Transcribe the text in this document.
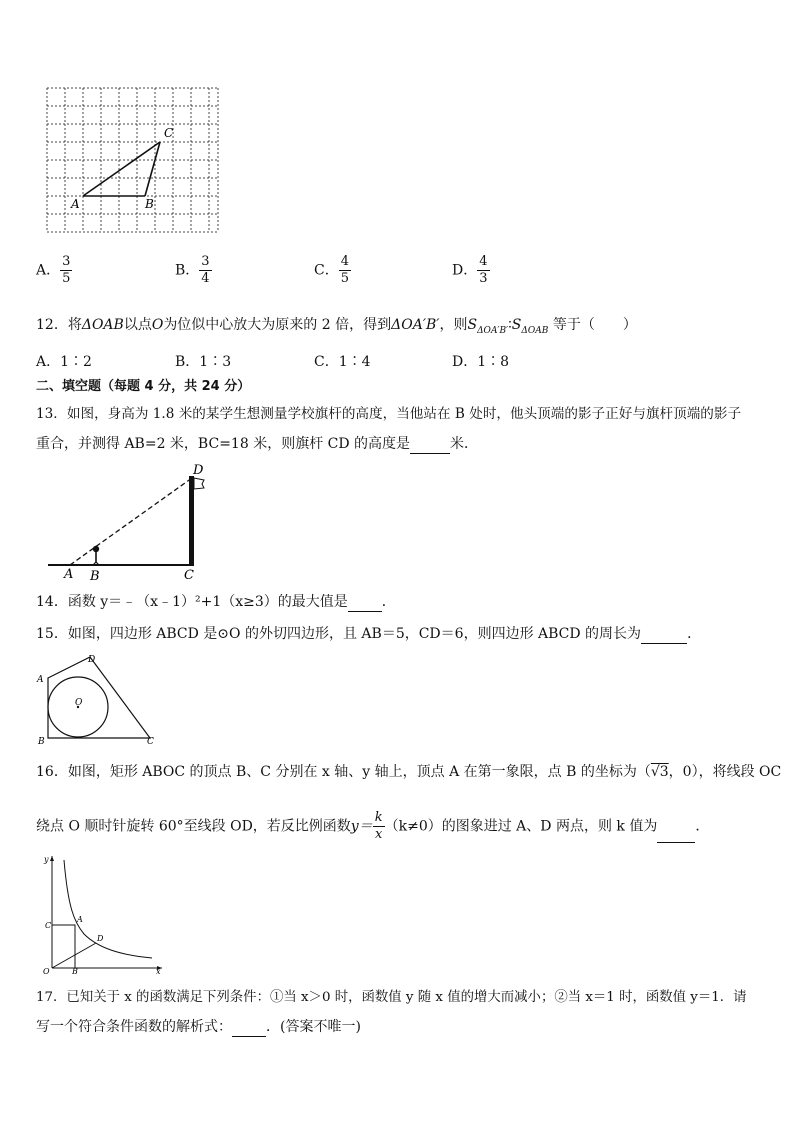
A	B
C
A． $\frac{3}{5}$	B． $\frac{3}{4}$	C． $\frac{4}{5}$	D． $\frac{4}{3}$
12．将ΔOAB以点O为位似中心放大为原来的 2 倍，得到ΔOA′B′，则$S_{\Delta OA'B'}∶S_{\Delta OAB}$ 等于（　　）
A．1∶2	B．1∶3	C．1∶4	D．1∶8
二、填空题（每题 4 分，共 24 分）
13．如图，身高为 1.8 米的某学生想测量学校旗杆的高度，当他站在 B 处时，他头顶端的影子正好与旗杆顶端的影子
重合，并测得 AB=2 米，BC=18 米，则旗杆 CD 的高度是	米．
A B	C
D
14．函数 y＝﹣（x﹣1）²+1（x≥3）的最大值是 ．
15．如图，四边形 ABCD 是⊙O 的外切四边形，且 AB＝5，CD＝6，则四边形 ABCD 的周长为	．
A
B	C
D
O
16．如图，矩形 ABOC 的顶点 B、C 分别在 x 轴、y 轴上，顶点 A 在第一象限，点 B 的坐标为（√3，0），将线段 OC
绕点 O 顺时针旋转 60°至线段 OD，若反比例函数$y= \frac{k}{x} (k\ne 0)$的图象进过 A、D 两点，则 k 值为	．
y
x
O	B
C
A
D
17．已知关于 x 的函数满足下列条件：①当 x＞0 时，函数值 y 随 x 值的增大而减小；②当 x＝1 时，函数值 y＝1．请
写一个符合条件函数的解析式： ．(答案不唯一)
